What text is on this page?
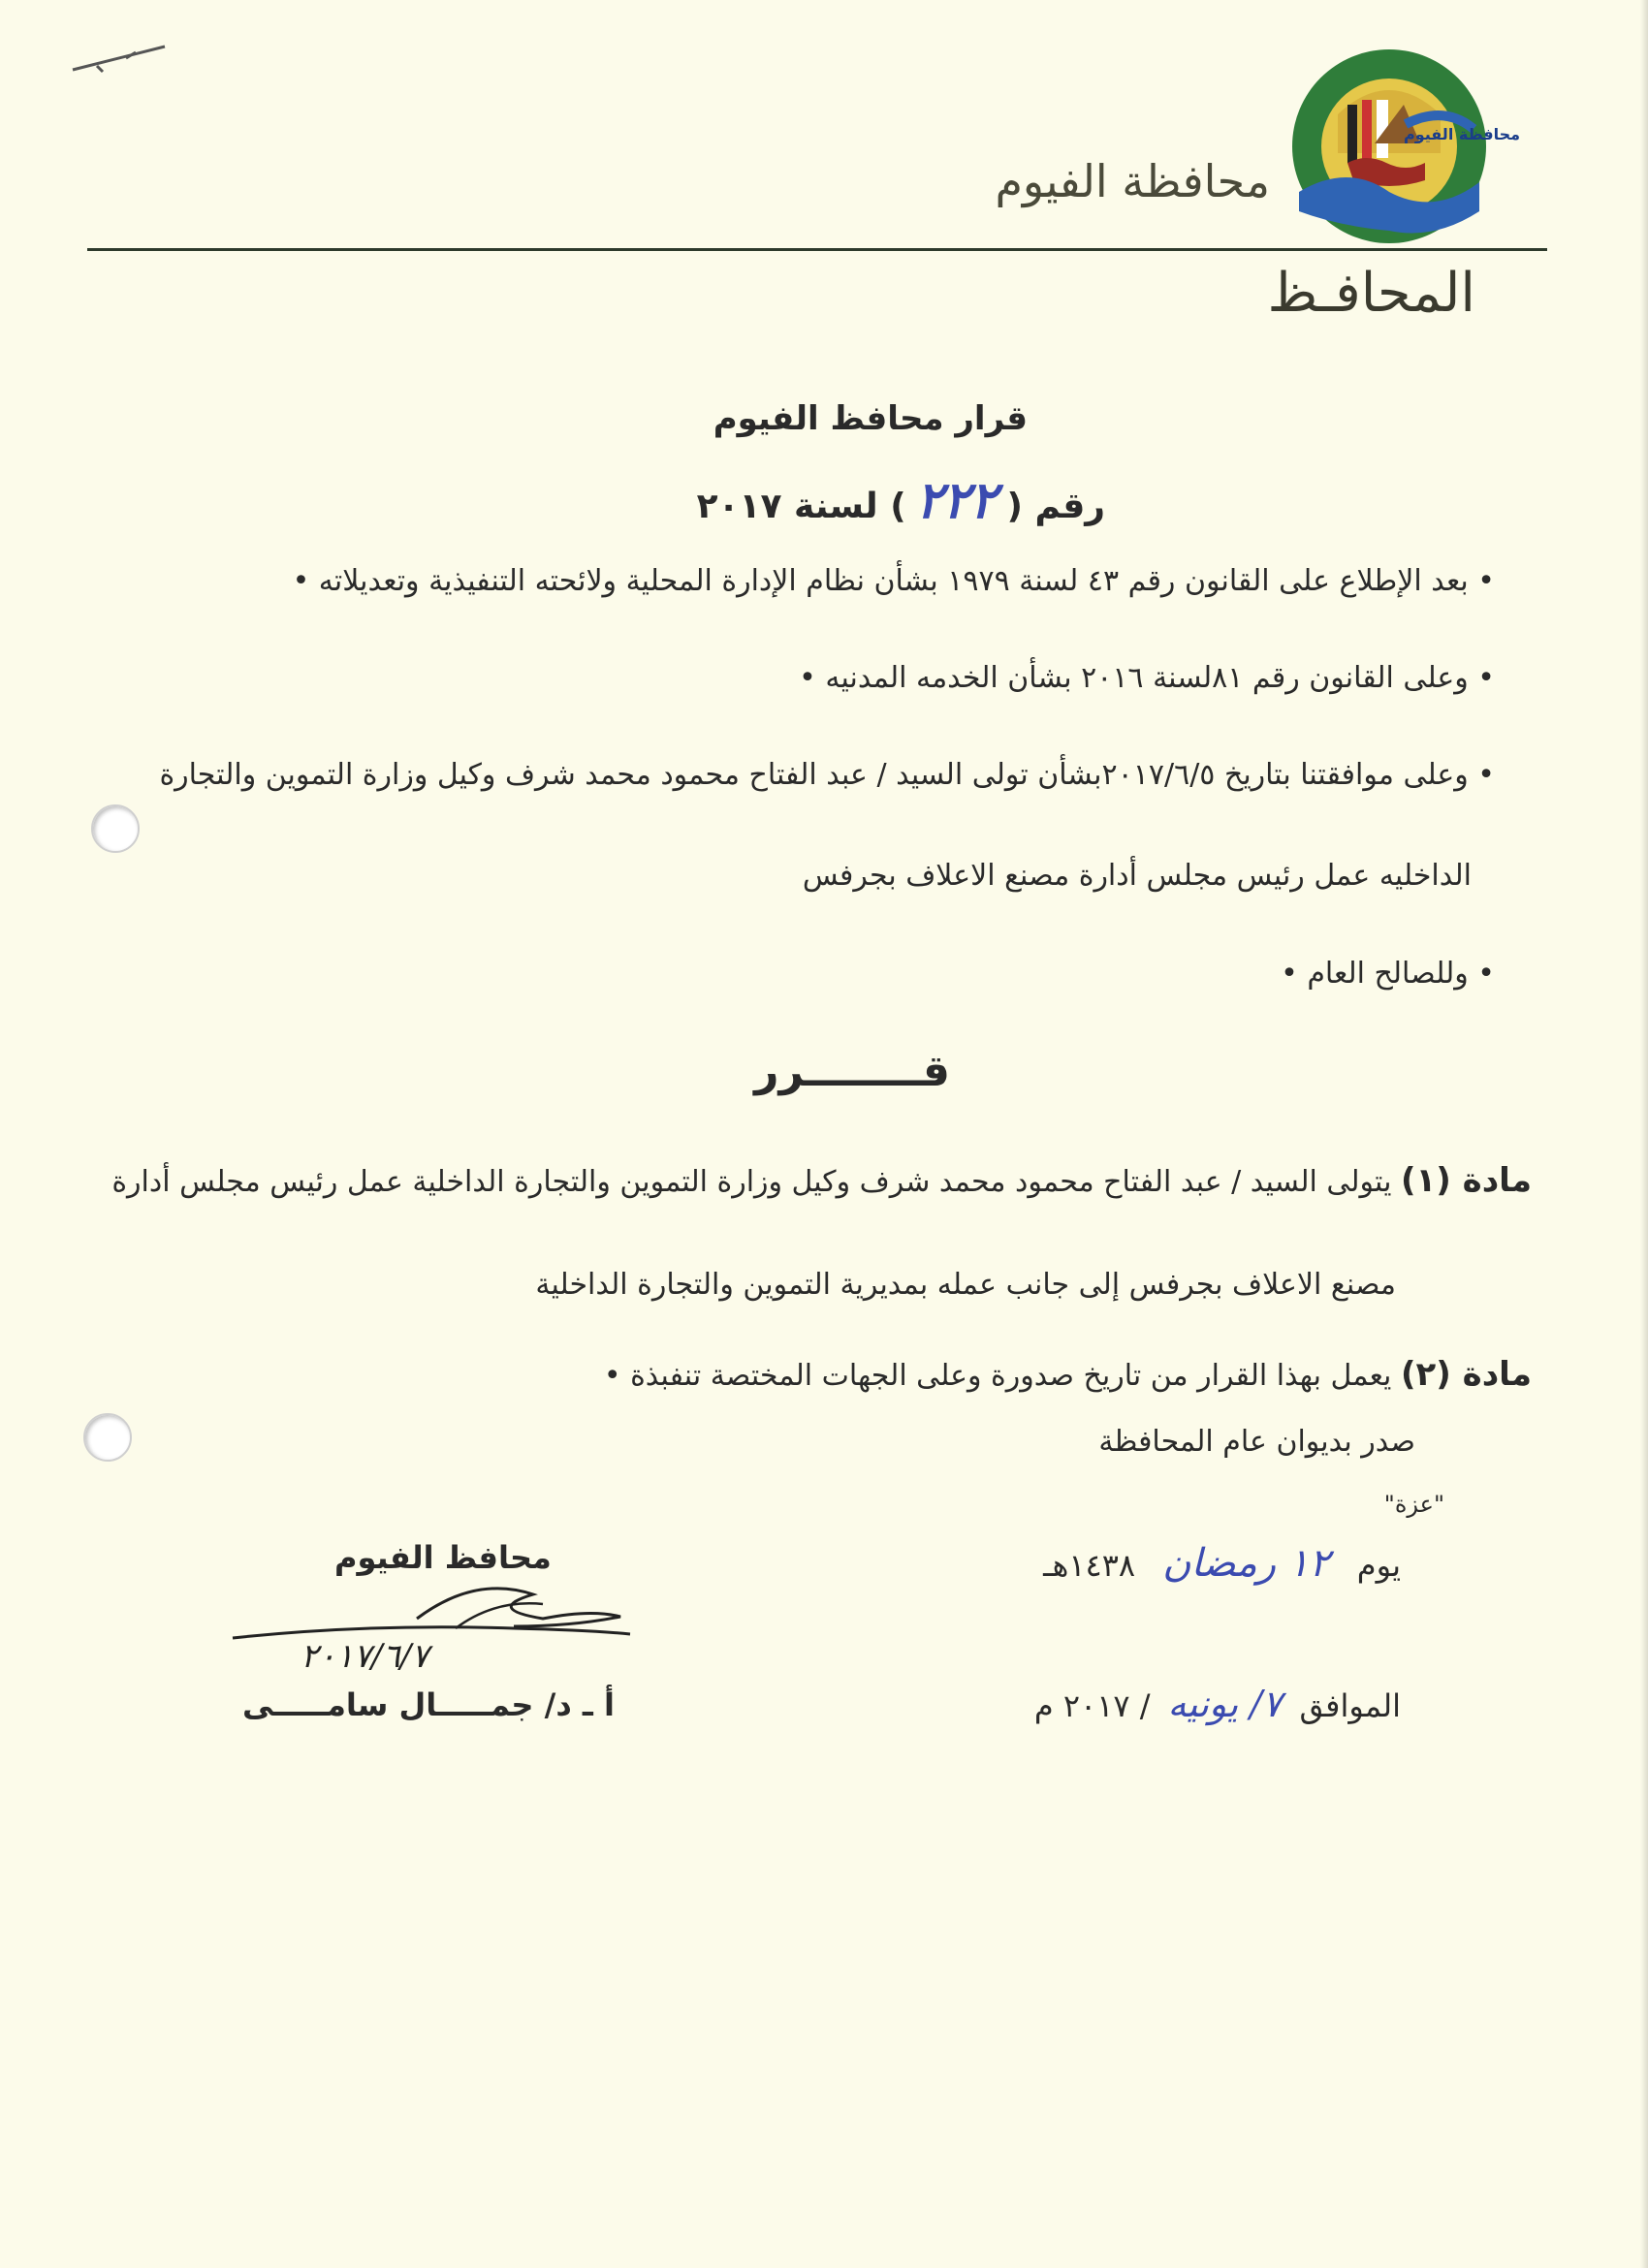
محافظة الفيوم
محافظة الفيوم
المحافـظ
قرار محافظ الفيوم
رقم (
٢٢٢
) لسنة ٢٠١٧
• بعد الإطلاع على القانون رقم ٤٣ لسنة ١٩٧٩ بشأن نظام الإدارة المحلية ولائحته التنفيذية وتعديلاته •
• وعلى القانون رقم ٨١لسنة ٢٠١٦ بشأن الخدمه المدنيه •
• وعلى موافقتنا بتاريخ ٢٠١٧/٦/٥بشأن تولى السيد / عبد الفتاح محمود محمد شرف وكيل وزارة التموين والتجارة
الداخليه عمل رئيس مجلس أدارة مصنع الاعلاف بجرفس
• وللصالح العام •
قــــــــرر
مادة (١) يتولى السيد / عبد الفتاح محمود محمد شرف وكيل وزارة التموين والتجارة الداخلية عمل رئيس مجلس أدارة
مصنع الاعلاف بجرفس إلى جانب عمله بمديرية التموين والتجارة الداخلية
مادة (٢) يعمل بهذا القرار من تاريخ صدورة وعلى الجهات المختصة تنفبذة •
صدر بديوان عام المحافظة
"عزة"
يوم
١٢ رمضان
١٤٣٨هـ
الموافق
٧/ يونيه
/ ٢٠١٧ م
محافظ الفيوم
٢٠١٧/٦/٧
أ ـ د/ جمـــــال سامـــــى
